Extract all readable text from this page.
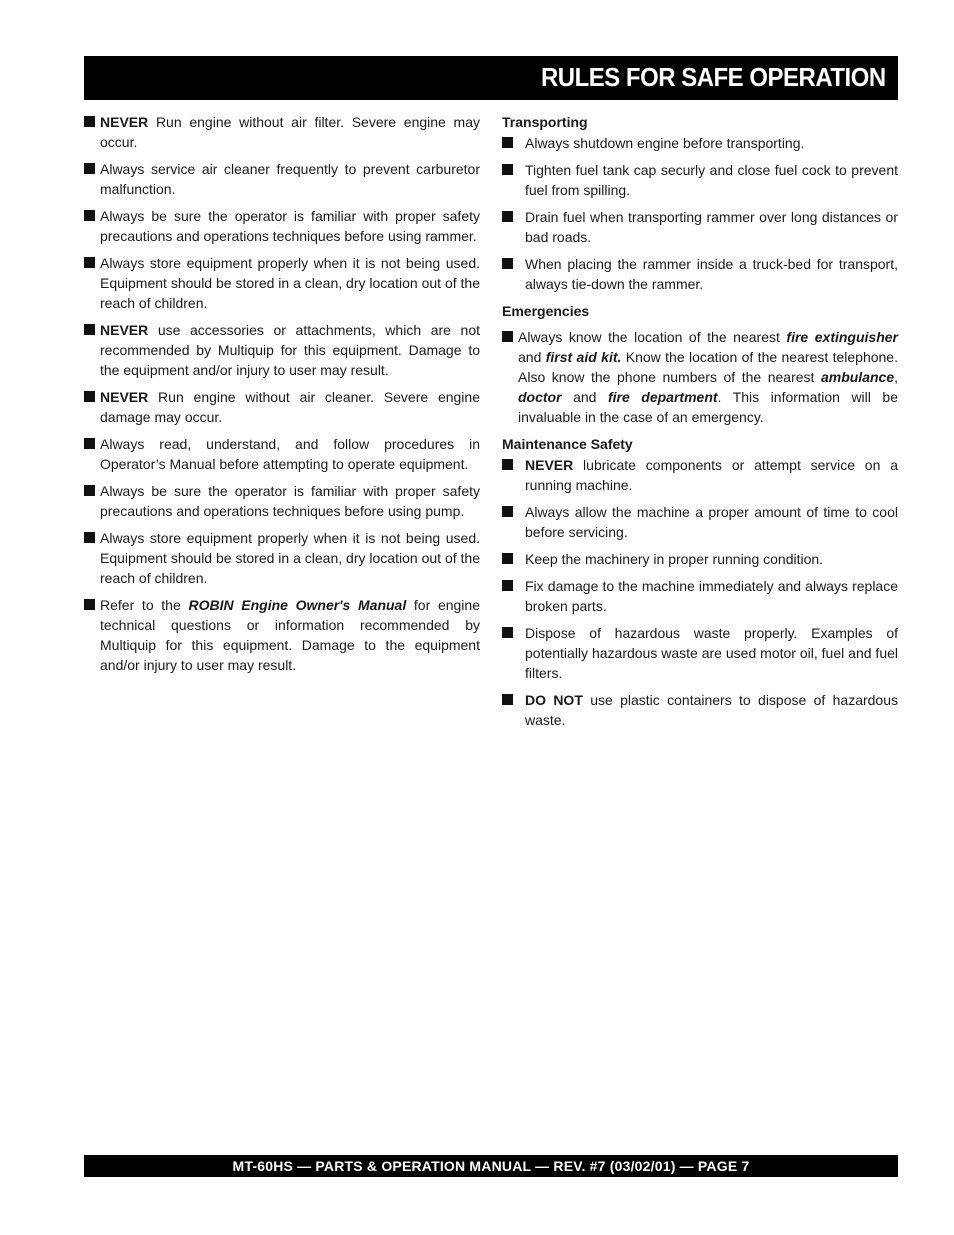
RULES FOR SAFE OPERATION
NEVER Run engine without air filter. Severe engine may occur.
Always service air cleaner frequently to prevent carburetor malfunction.
Always be sure the operator is familiar with proper safety precautions and operations techniques before using rammer.
Always store equipment properly when it is not being used. Equipment should be stored in a clean, dry location out of the reach of children.
NEVER use accessories or attachments, which are not recommended by Multiquip for this equipment. Damage to the equipment and/or injury to user may result.
NEVER Run engine without air cleaner. Severe engine damage may occur.
Always read, understand, and follow procedures in Operator’s Manual before attempting to operate equipment.
Always be sure the operator is familiar with proper safety precautions and operations techniques before using pump.
Always store equipment properly when it is not being used. Equipment should be stored in a clean, dry location out of the reach of children.
Refer to the ROBIN Engine Owner's Manual for engine technical questions or information recommended by Multiquip for this equipment. Damage to the equipment and/or injury to user may result.
Transporting
Always shutdown engine before transporting.
Tighten fuel tank cap securly and close fuel cock to prevent fuel from spilling.
Drain fuel when transporting rammer over long distances or bad roads.
When placing the rammer inside a truck-bed for transport, always tie-down the rammer.
Emergencies
Always know the location of the nearest fire extinguisher and first aid kit. Know the location of the nearest telephone. Also know the phone numbers of the nearest ambulance, doctor and fire department. This information will be invaluable in the case of an emergency.
Maintenance Safety
NEVER lubricate components or attempt service on a running machine.
Always allow the machine a proper amount of time to cool before servicing.
Keep the machinery in proper running condition.
Fix damage to the machine immediately and always replace broken parts.
Dispose of hazardous waste properly. Examples of potentially hazardous waste are used motor oil, fuel and fuel filters.
DO NOT use plastic containers to dispose of hazardous waste.
MT-60HS — PARTS & OPERATION MANUAL — REV. #7 (03/02/01) — PAGE 7
